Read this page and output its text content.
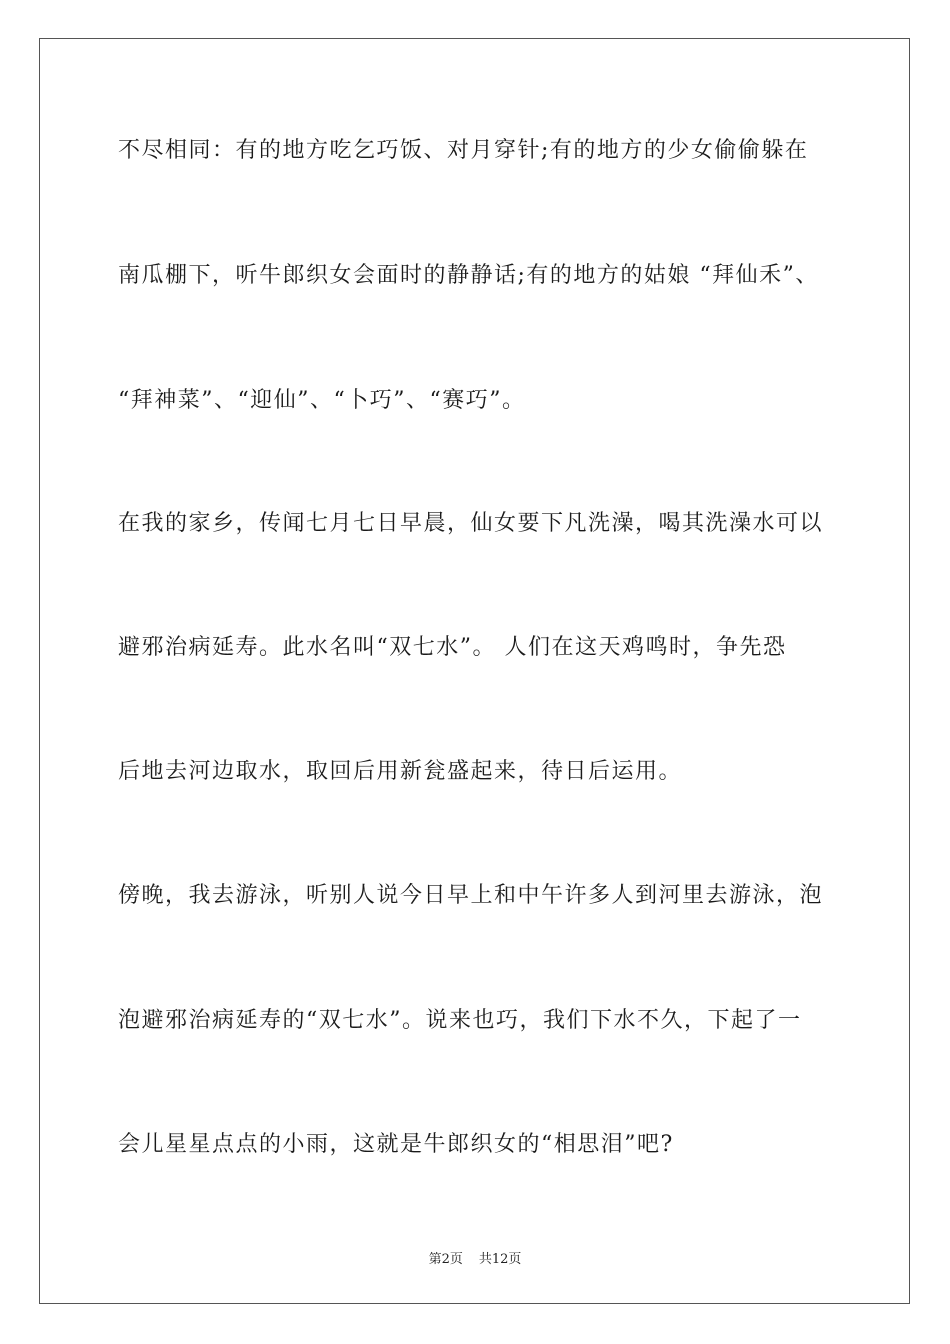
不尽相同：有的地方吃乞巧饭、对月穿针;有的地方的少女偷偷躲在
南瓜棚下，听牛郎织女会面时的静静话;有的地方的姑娘 “拜仙禾”、
“拜神菜”、“迎仙”、“卜巧”、“赛巧”。
在我的家乡，传闻七月七日早晨，仙女要下凡洗澡，喝其洗澡水可以
避邪治病延寿。此水名叫“双七水”。 人们在这天鸡鸣时，争先恐
后地去河边取水，取回后用新瓮盛起来，待日后运用。
傍晚，我去游泳，听别人说今日早上和中午许多人到河里去游泳，泡
泡避邪治病延寿的“双七水”。说来也巧，我们下水不久，下起了一
会儿星星点点的小雨，这就是牛郎织女的“相思泪”吧?
第2页 共12页
